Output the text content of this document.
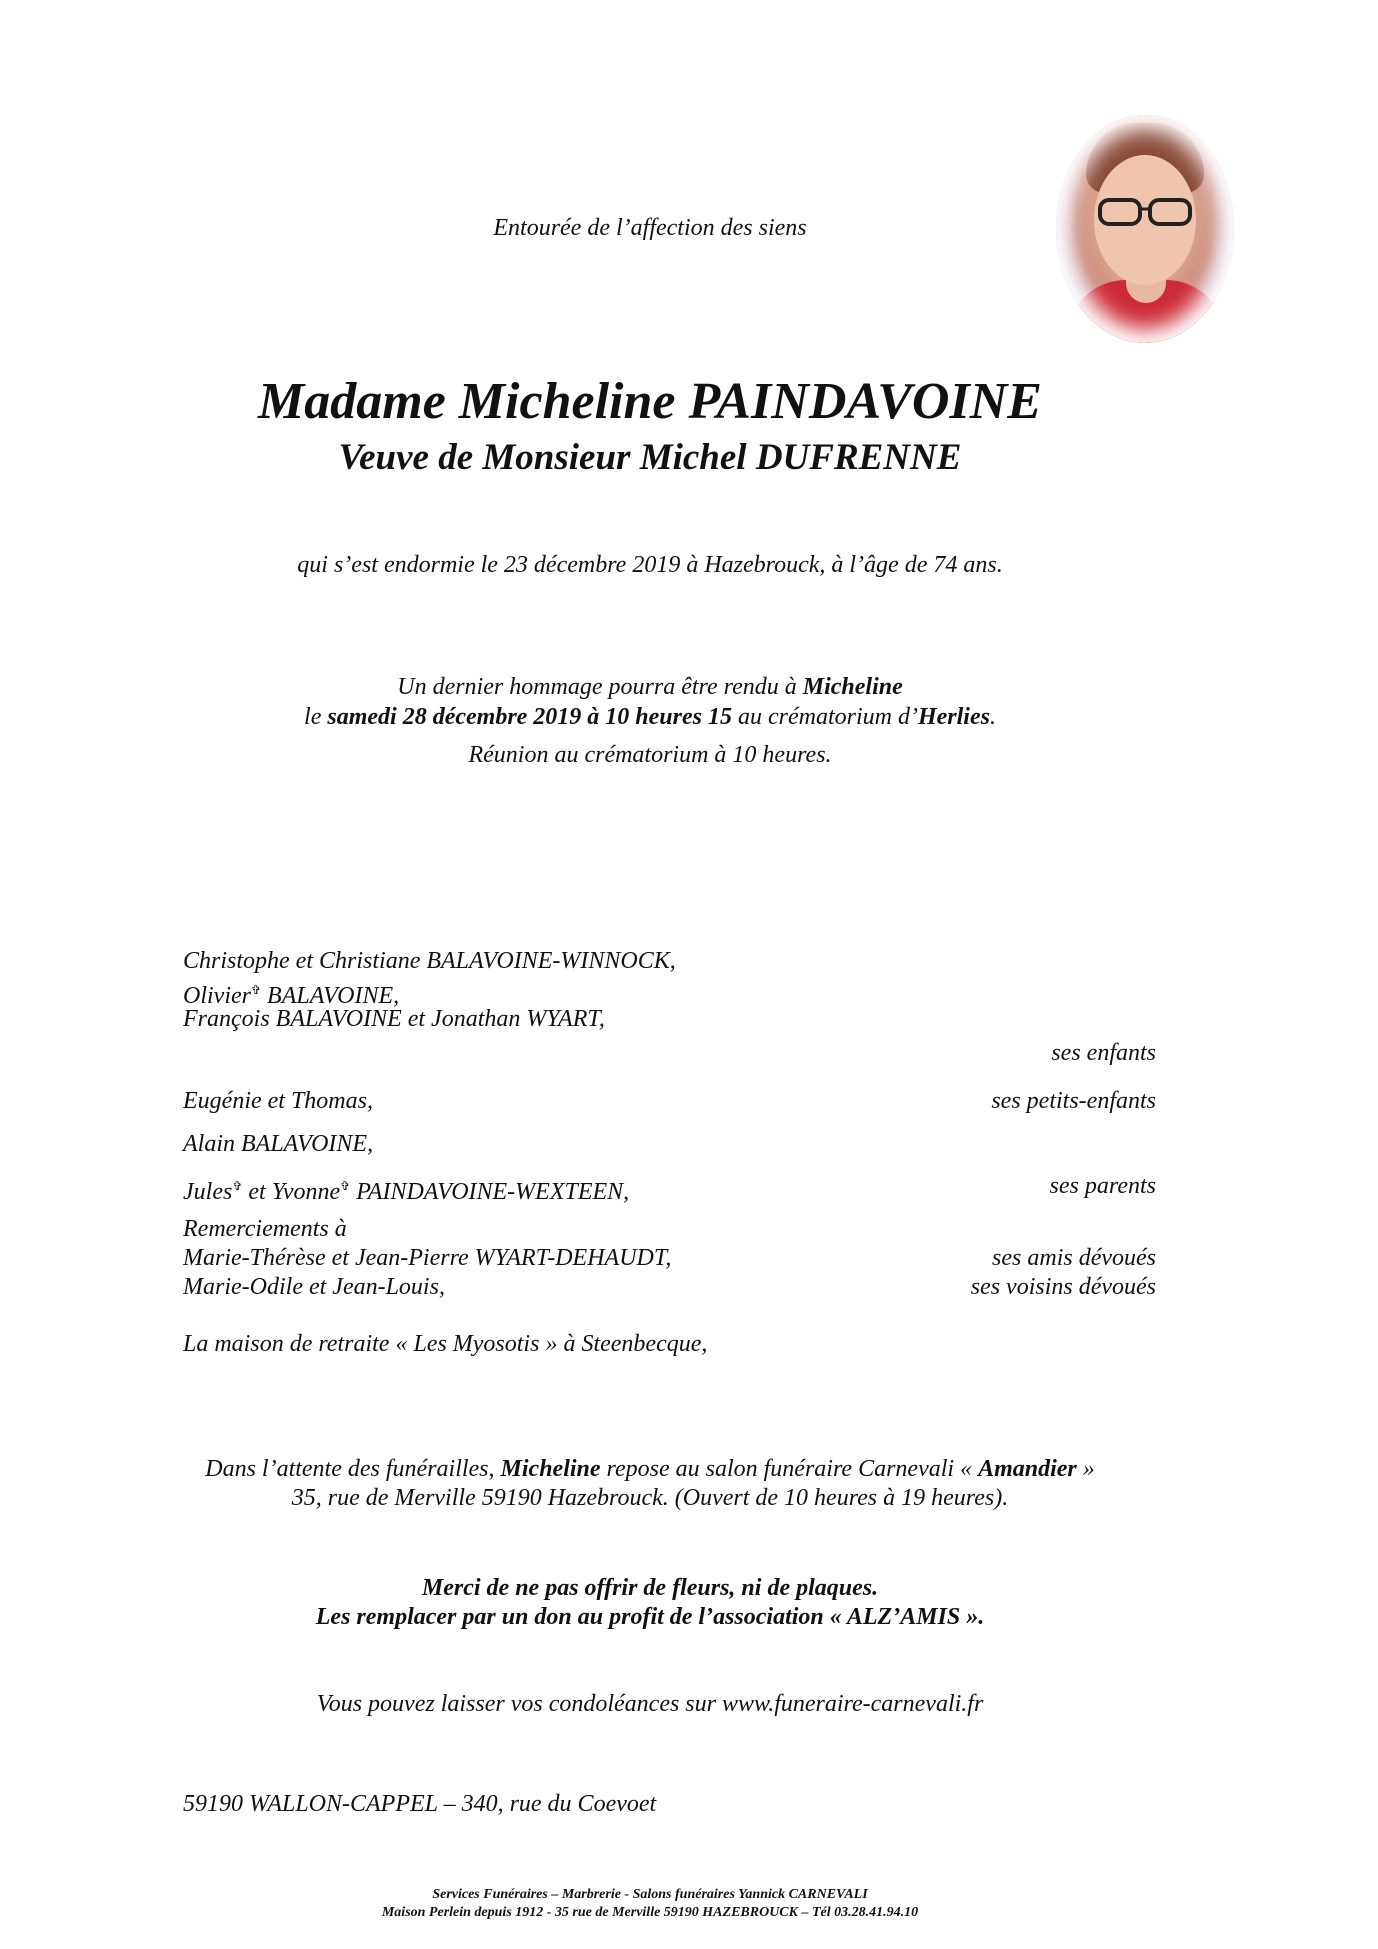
Entourée de l’affection des siens
Madame Micheline PAINDAVOINE
Veuve de Monsieur Michel DUFRENNE
qui s’est endormie le 23 décembre 2019 à Hazebrouck, à l’âge de 74 ans.
Un dernier hommage pourra être rendu à Micheline
le samedi 28 décembre 2019 à 10 heures 15 au crématorium d’Herlies.
Réunion au crématorium à 10 heures.
Christophe et Christiane BALAVOINE-WINNOCK,
Olivier✞ BALAVOINE,
François BALAVOINE et Jonathan WYART,
ses enfants
Eugénie et Thomas,	ses petits-enfants
Alain BALAVOINE,
Jules✞ et Yvonne✞ PAINDAVOINE-WEXTEEN,	ses parents
Remerciements à
Marie-Thérèse et Jean-Pierre WYART-DEHAUDT,	ses amis dévoués
Marie-Odile et Jean-Louis,	ses voisins dévoués
La maison de retraite « Les Myosotis » à Steenbecque,
Dans l’attente des funérailles, Micheline repose au salon funéraire Carnevali « Amandier »
35, rue de Merville 59190 Hazebrouck. (Ouvert de 10 heures à 19 heures).
Merci de ne pas offrir de fleurs, ni de plaques.
Les remplacer par un don au profit de l’association « ALZ’AMIS ».
Vous pouvez laisser vos condoléances sur www.funeraire-carnevali.fr
59190 WALLON-CAPPEL – 340, rue du Coevoet
Services Funéraires – Marbrerie - Salons funéraires Yannick CARNEVALI
Maison Perlein depuis 1912 - 35 rue de Merville 59190 HAZEBROUCK – Tél 03.28.41.94.10
